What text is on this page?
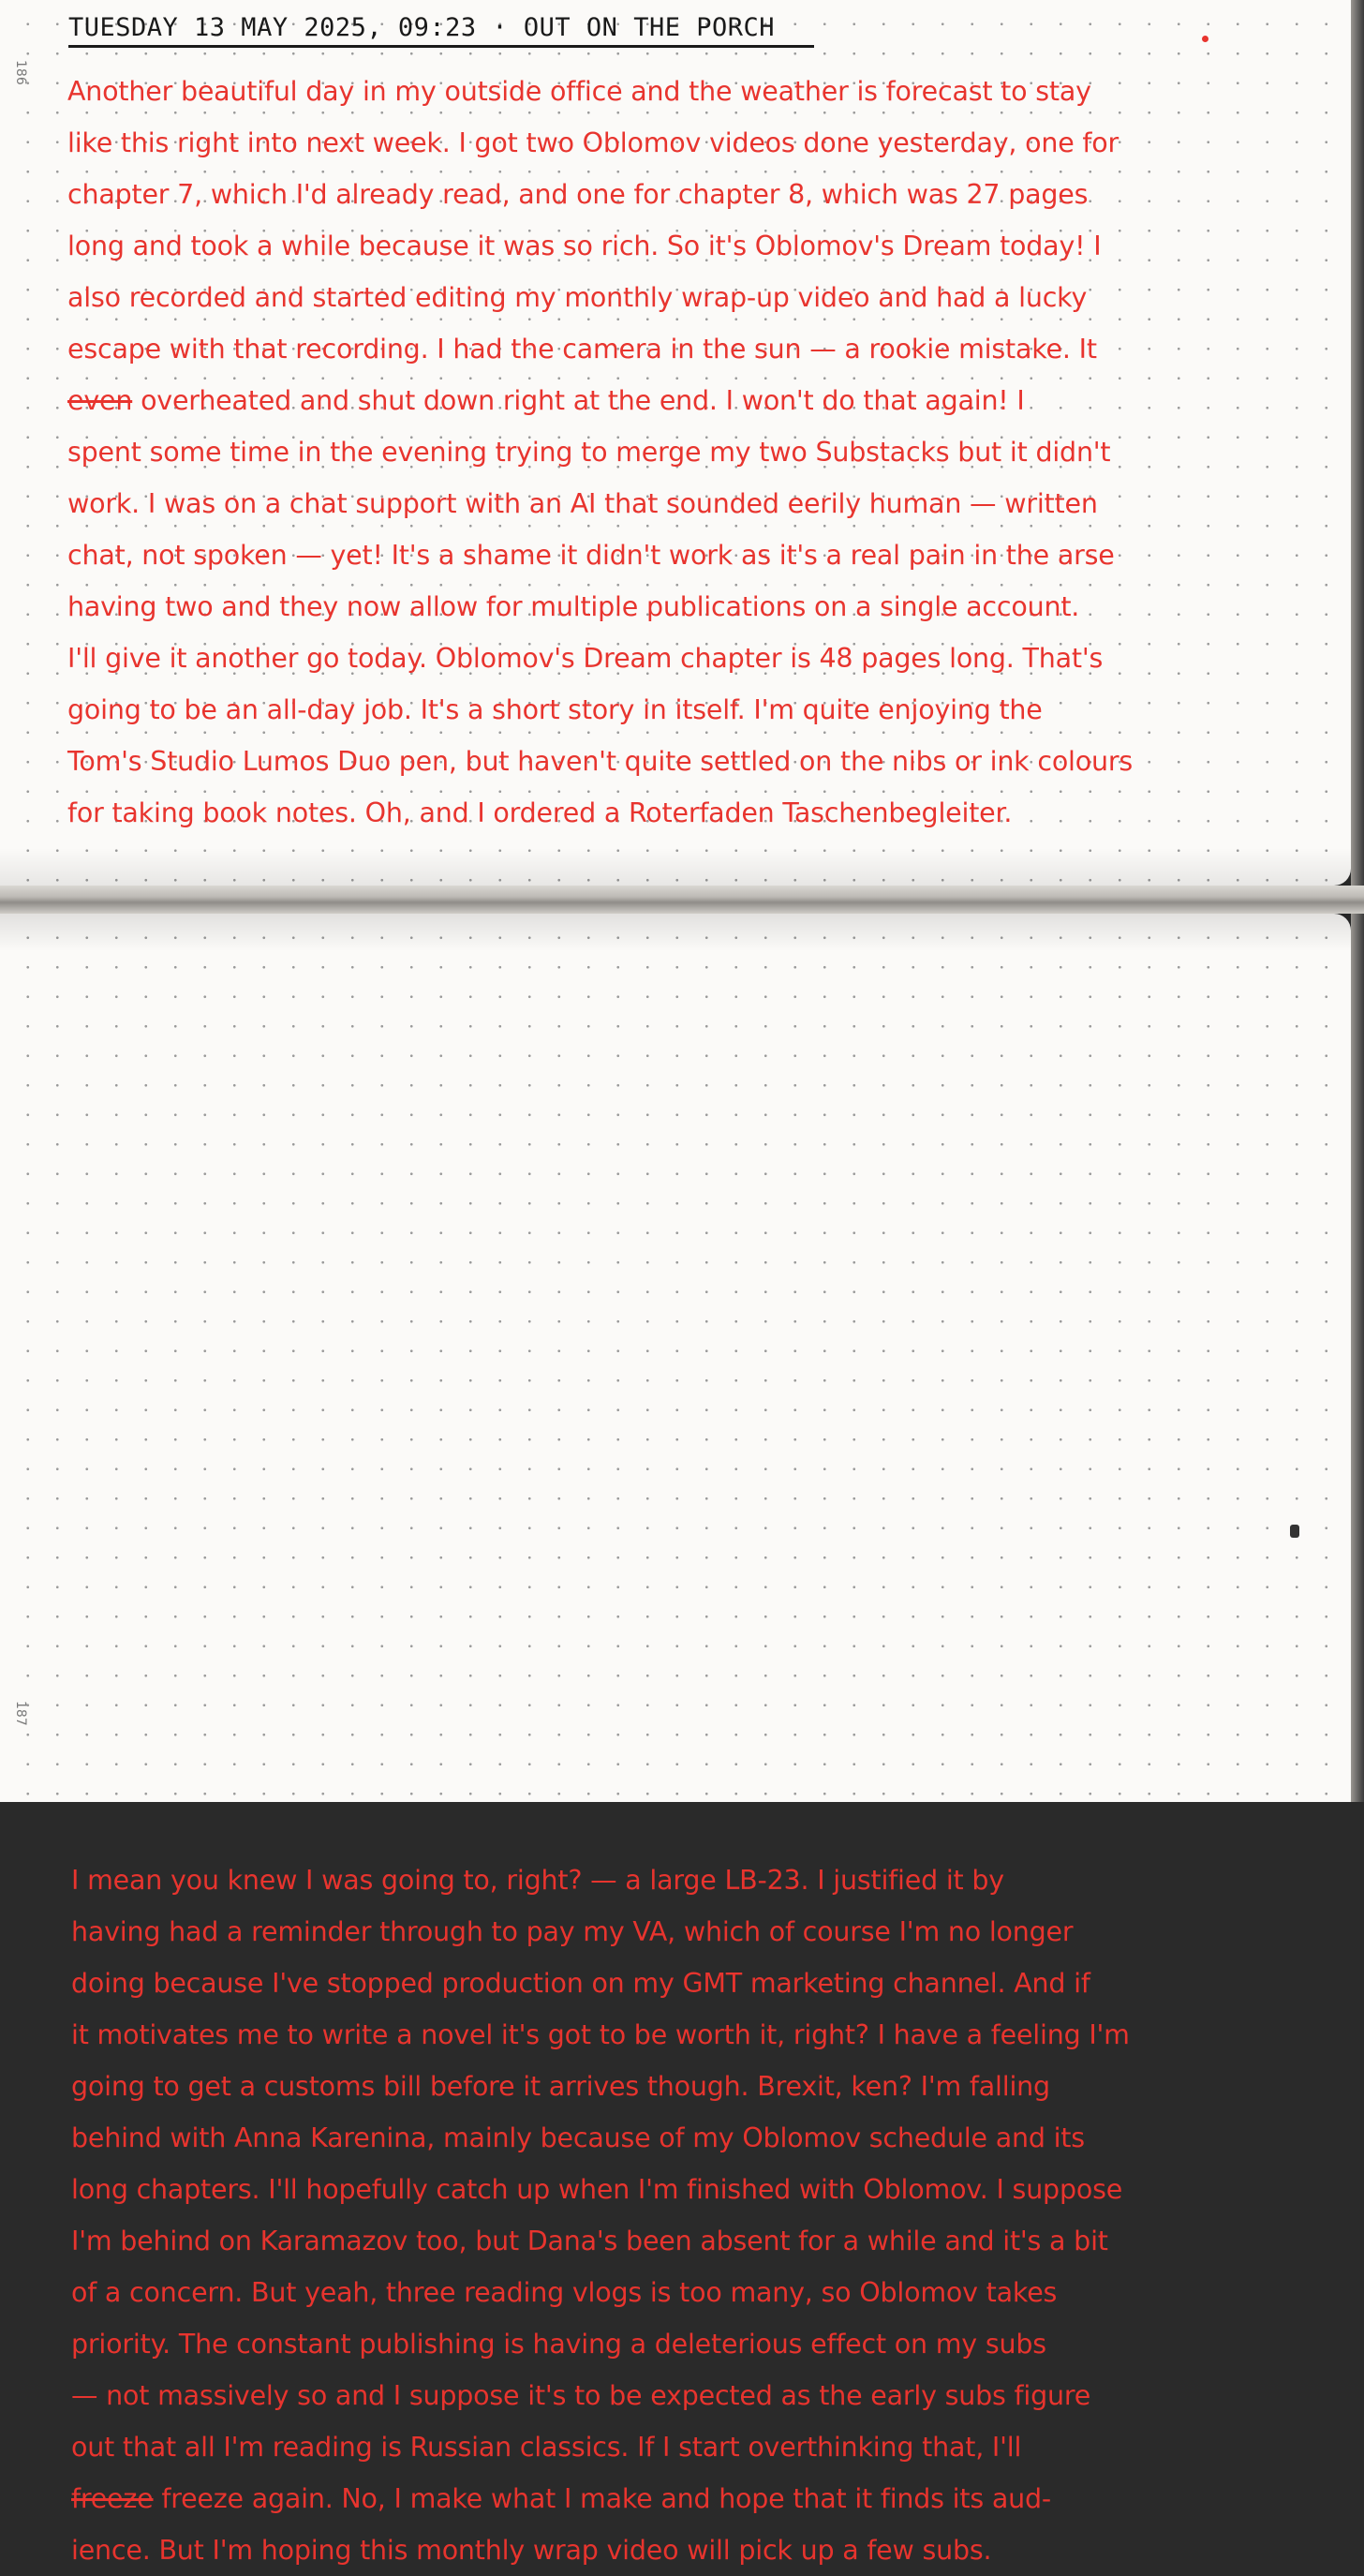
186
TUESDAY 13 MAY 2025, 09:23 · OUT ON THE PORCH
Another beautiful day in my outside office and the weather is forecast to stay
like this right into next week. I got two Oblomov videos done yesterday, one for
chapter 7, which I'd already read, and one for chapter 8, which was 27 pages
long and took a while because it was so rich. So it's Oblomov's Dream today! I
also recorded and started editing my monthly wrap-up video and had a lucky
escape with that recording. I had the camera in the sun — a rookie mistake. It
even overheated and shut down right at the end. I won't do that again! I
spent some time in the evening trying to merge my two Substacks but it didn't
work. I was on a chat support with an AI that sounded eerily human — written
chat, not spoken — yet! It's a shame it didn't work as it's a real pain in the arse
having two and they now allow for multiple publications on a single account.
I'll give it another go today. Oblomov's Dream chapter is 48 pages long. That's
going to be an all-day job. It's a short story in itself. I'm quite enjoying the
Tom's Studio Lumos Duo pen, but haven't quite settled on the nibs or ink colours
for taking book notes. Oh, and I ordered a Roterfaden Taschenbegleiter.
187
I mean you knew I was going to, right? — a large LB-23. I justified it by
having had a reminder through to pay my VA, which of course I'm no longer
doing because I've stopped production on my GMT marketing channel. And if
it motivates me to write a novel it's got to be worth it, right? I have a feeling I'm
going to get a customs bill before it arrives though. Brexit, ken? I'm falling
behind with Anna Karenina, mainly because of my Oblomov schedule and its
long chapters. I'll hopefully catch up when I'm finished with Oblomov. I suppose
I'm behind on Karamazov too, but Dana's been absent for a while and it's a bit
of a concern. But yeah, three reading vlogs is too many, so Oblomov takes
priority. The constant publishing is having a deleterious effect on my subs
— not massively so and I suppose it's to be expected as the early subs figure
out that all I'm reading is Russian classics. If I start overthinking that, I'll
freeze freeze again. No, I make what I make and hope that it finds its aud-
ience. But I'm hoping this monthly wrap video will pick up a few subs.
